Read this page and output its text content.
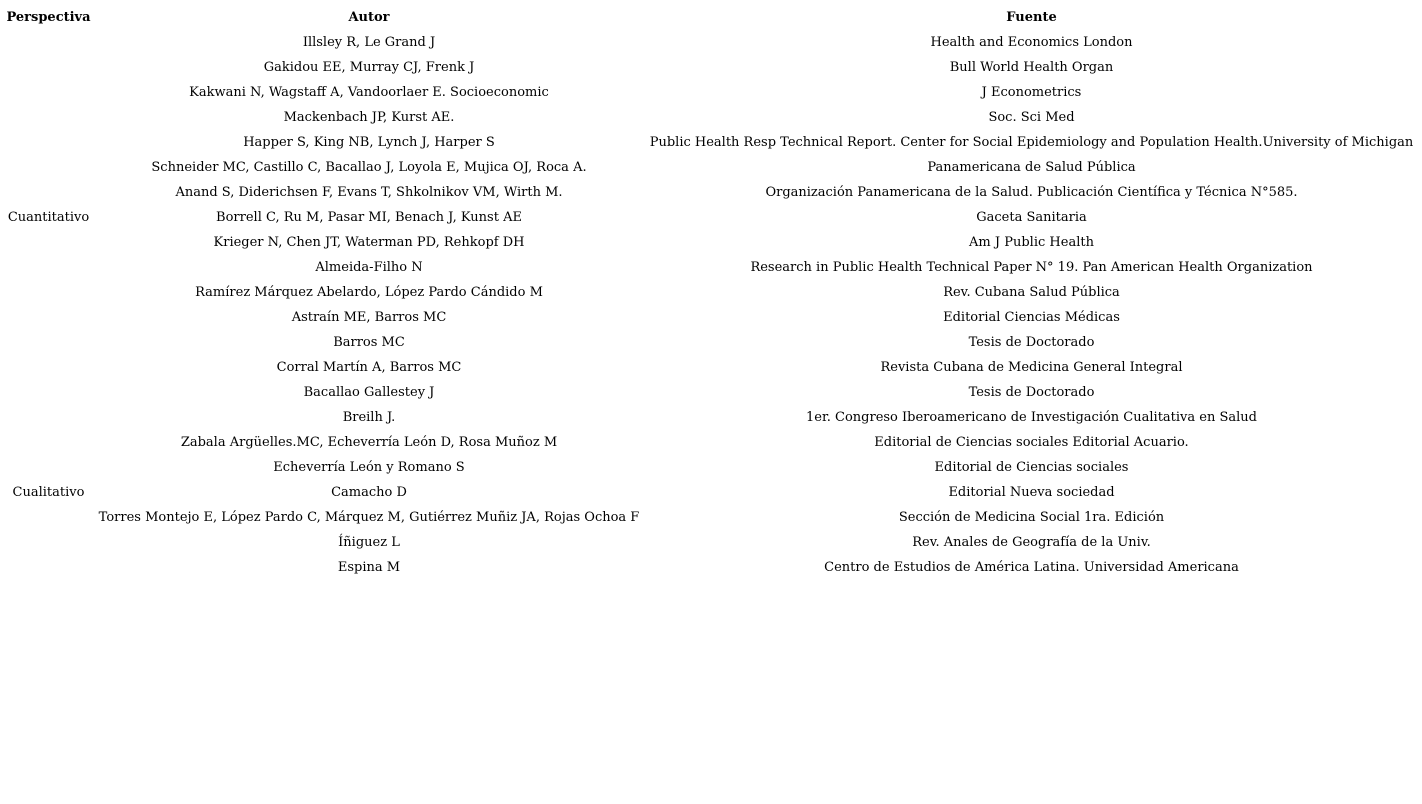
Perspectiva	Autor	Fuente
	Illsley R, Le Grand J	Health and Economics London
	Gakidou EE, Murray CJ, Frenk J	Bull World Health Organ
	Kakwani N, Wagstaff A, Vandoorlaer E. Socioeconomic	J Econometrics
	Mackenbach JP, Kurst AE.	Soc. Sci Med
	Happer S, King NB, Lynch J, Harper S	Public Health Resp Technical Report. Center for Social Epidemiology and Population Health.University of Michigan
	Schneider MC, Castillo C, Bacallao J, Loyola E, Mujica OJ, Roca A.	Panamericana de Salud Pública
	Anand S, Diderichsen F, Evans T, Shkolnikov VM, Wirth M.	Organización Panamericana de la Salud. Publicación Científica y Técnica N°585.
Cuantitativo	Borrell C, Ru M, Pasar MI, Benach J, Kunst AE	Gaceta Sanitaria
	Krieger N, Chen JT, Waterman PD, Rehkopf DH	Am J Public Health
	Almeida-Filho N	Research in Public Health Technical Paper N° 19. Pan American Health Organization
	Ramírez Márquez Abelardo, López Pardo Cándido M	Rev. Cubana Salud Pública
	Astraín ME, Barros MC	Editorial Ciencias Médicas
	Barros MC	Tesis de Doctorado
	Corral Martín A, Barros MC	Revista Cubana de Medicina General Integral
	Bacallao Gallestey J	Tesis de Doctorado
	Breilh J.	1er. Congreso Iberoamericano de Investigación Cualitativa en Salud
	Zabala Argüelles.MC, Echeverría León D, Rosa Muñoz M	Editorial de Ciencias sociales Editorial Acuario.
	Echeverría León y Romano S	Editorial de Ciencias sociales
Cualitativo	Camacho D	Editorial Nueva sociedad
	Torres Montejo E, López Pardo C, Márquez M, Gutiérrez Muñiz JA, Rojas Ochoa F	Sección de Medicina Social 1ra. Edición
	Íñiguez L	Rev. Anales de Geografía de la Univ.
	Espina M	Centro de Estudios de América Latina. Universidad Americana
